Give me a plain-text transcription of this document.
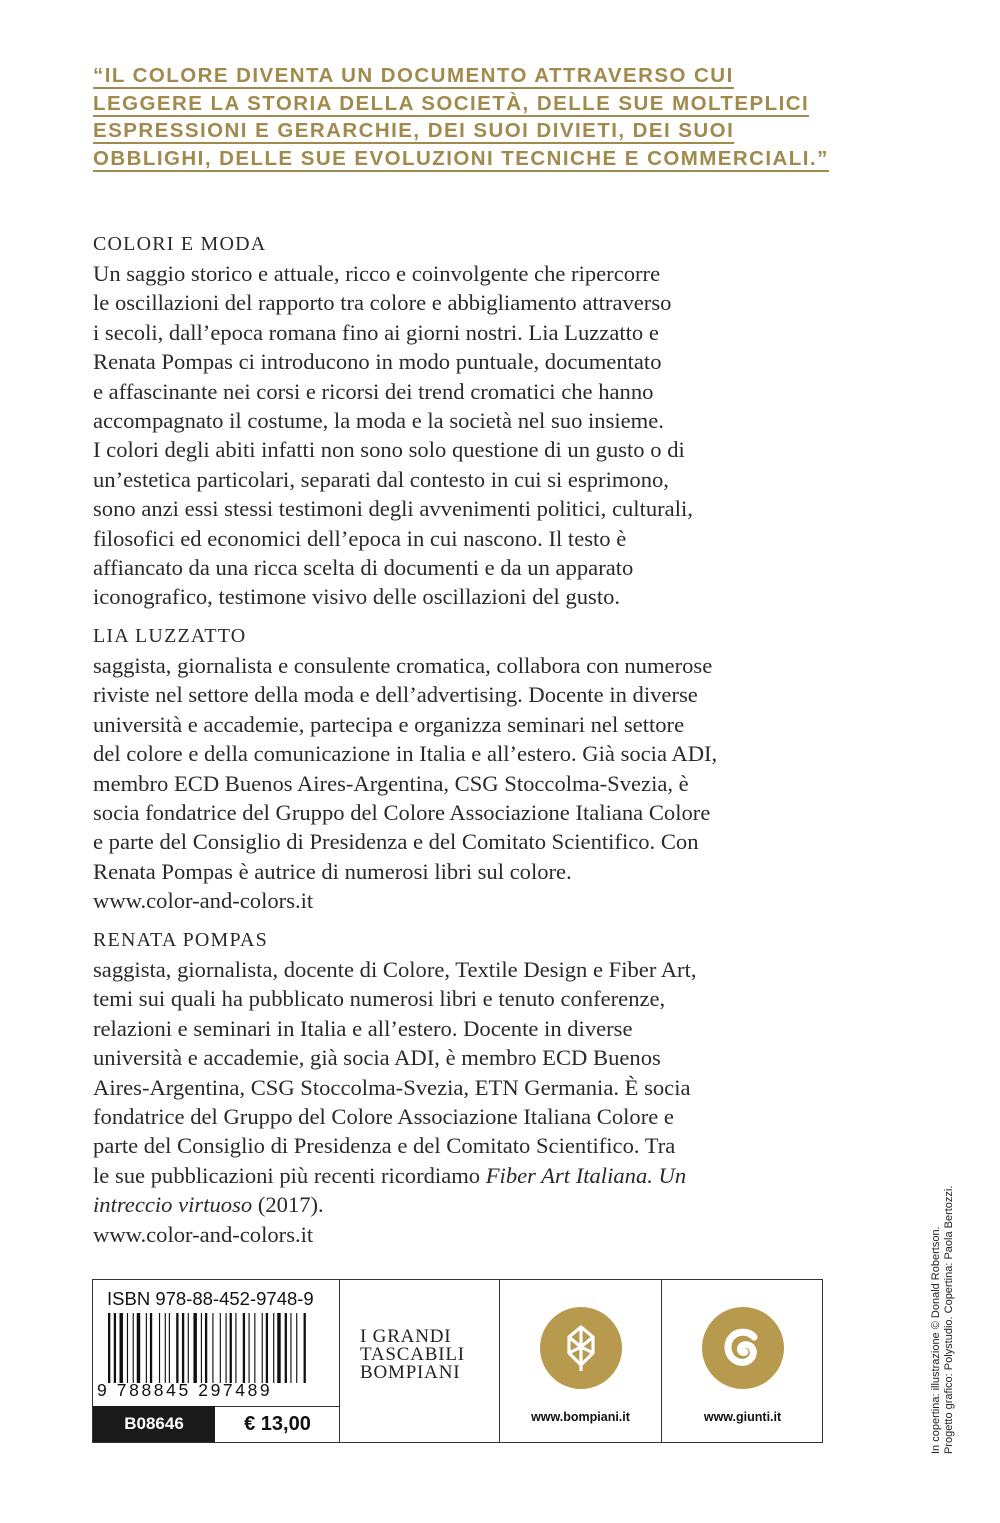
“IL COLORE DIVENTA UN DOCUMENTO ATTRAVERSO CUI
LEGGERE LA STORIA DELLA SOCIETÀ, DELLE SUE MOLTEPLICI
ESPRESSIONI E GERARCHIE, DEI SUOI DIVIETI, DEI SUOI
OBBLIGHI, DELLE SUE EVOLUZIONI TECNICHE E COMMERCIALI.”
COLORI E MODA
Un saggio storico e attuale, ricco e coinvolgente che ripercorre
le oscillazioni del rapporto tra colore e abbigliamento attraverso
i secoli, dall’epoca romana fino ai giorni nostri. Lia Luzzatto e
Renata Pompas ci introducono in modo puntuale, documentato
e affascinante nei corsi e ricorsi dei trend cromatici che hanno
accompagnato il costume, la moda e la società nel suo insieme.
I colori degli abiti infatti non sono solo questione di un gusto o di
un’estetica particolari, separati dal contesto in cui si esprimono,
sono anzi essi stessi testimoni degli avvenimenti politici, culturali,
filosofici ed economici dell’epoca in cui nascono. Il testo è
affiancato da una ricca scelta di documenti e da un apparato
iconografico, testimone visivo delle oscillazioni del gusto.
LIA LUZZATTO
saggista, giornalista e consulente cromatica, collabora con numerose
riviste nel settore della moda e dell’advertising. Docente in diverse
università e accademie, partecipa e organizza seminari nel settore
del colore e della comunicazione in Italia e all’estero. Già socia ADI,
membro ECD Buenos Aires-Argentina, CSG Stoccolma-Svezia, è
socia fondatrice del Gruppo del Colore Associazione Italiana Colore
e parte del Consiglio di Presidenza e del Comitato Scientifico. Con
Renata Pompas è autrice di numerosi libri sul colore.
www.color-and-colors.it
RENATA POMPAS
saggista, giornalista, docente di Colore, Textile Design e Fiber Art,
temi sui quali ha pubblicato numerosi libri e tenuto conferenze,
relazioni e seminari in Italia e all’estero. Docente in diverse
università e accademie, già socia ADI, è membro ECD Buenos
Aires-Argentina, CSG Stoccolma-Svezia, ETN Germania. È socia
fondatrice del Gruppo del Colore Associazione Italiana Colore e
parte del Consiglio di Presidenza e del Comitato Scientifico. Tra
le sue pubblicazioni più recenti ricordiamo Fiber Art Italiana. Un
intreccio virtuoso (2017).
www.color-and-colors.it
ISBN 978-88-452-9748-9
9 788845 297489
B08646	€ 13,00
I GRANDI
TASCABILI
BOMPIANI
www.bompiani.it	www.giunti.it	In copertina: illustrazione © Donald Robertson. Progetto grafico: Polystudio. Copertina: Paola Bertozzi.
